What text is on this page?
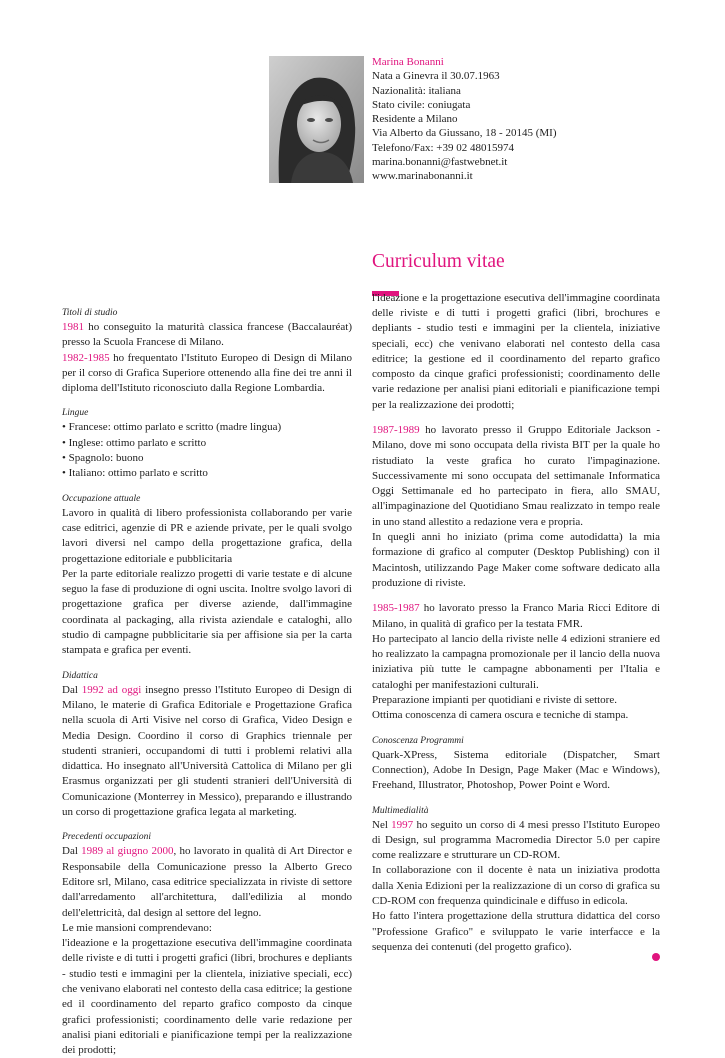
Marina Bonanni
Nata a Ginevra il 30.07.1963
Nazionalità: italiana
Stato civile: coniugata
Residente a Milano
Via Alberto da Giussano, 18 - 20145 (MI)
Telefono/Fax: +39 02 48015974
marina.bonanni@fastwebnet.it
www.marinabonanni.it
Curriculum vitae
Titoli di studio

1981 ho conseguito la maturità classica francese (Baccalauréat) presso la Scuola Francese di Milano.

1982-1985 ho frequentato l'Istituto Europeo di Design di Milano per il corso di Grafica Superiore ottenendo alla fine dei tre anni il diploma dell'Istituto riconosciuto dalla Regione Lombardia.

Lingue
• Francese: ottimo parlato e scritto (madre lingua)
• Inglese: ottimo parlato e scritto
• Spagnolo: buono
• Italiano: ottimo parlato e scritto
Occupazione attuale

Lavoro in qualità di libero professionista collaborando per varie case editrici, agenzie di PR e aziende private, per le quali svolgo lavori diversi nel campo della progettazione grafica, della progettazione editoriale e pubblicitaria

Per la parte editoriale realizzo progetti di varie testate e di alcune seguo la fase di produzione di ogni uscita. Inoltre svolgo lavori di progettazione grafica per diverse aziende, dall'immagine coordinata al packaging, alla rivista aziendale e cataloghi, allo studio di campagne pubblicitarie sia per affisione sia per la carta stampata e grafica per eventi.

Didattica

Dal 1992 ad oggi insegno presso l'Istituto Europeo di Design di Milano, le materie di Grafica Editoriale e Progettazione Grafica nella scuola di Arti Visive nel corso di Grafica, Video Design e Media Design. Coordino il corso di Graphics triennale per studenti stranieri, occupandomi di tutti i problemi relativi alla didattica. Ho insegnato all'Università Cattolica di Milano per gli Erasmus organizzati per gli studenti stranieri dell'Università di Comunicazione (Monterrey in Messico), preparando e illustrando un corso di progettazione grafica legata al marketing.

Precedenti occupazioni

Dal 1989 al giugno 2000, ho lavorato in qualità di Art Director e Responsabile della Comunicazione presso la Alberto Greco Editore srl, Milano, casa editrice specializzata in riviste di settore dall'arredamento all'architettura, dall'edilizia al mondo dell'elettricità, dal design al settore del legno.

Le mie mansioni comprendevano:

l'ideazione e la progettazione esecutiva dell'immagine coordinata delle riviste e di tutti i progetti grafici (libri, brochures e depliants - studio testi e immagini per la clientela, iniziative speciali, ecc) che venivano elaborati nel contesto della casa editrice; la gestione ed il coordinamento del reparto grafico composto da cinque grafici professionisti; coordinamento delle varie redazione per analisi piani editoriali e pianificazione tempi per la realizzazione dei prodotti;

l'ideazione e la progettazione esecutiva dell'immagine coordinata delle riviste e di tutti i progetti grafici (libri, brochures e depliants - studio testi e immagini per la clientela, iniziative speciali, ecc) che venivano elaborati nel contesto della casa editrice; la gestione ed il coordinamento del reparto grafico composto da cinque grafici professionisti; coordinamento delle varie redazione per analisi piani editoriali e pianificazione tempi per la realizzazione dei prodotti;

1987-1989 ho lavorato presso il Gruppo Editoriale Jackson - Milano, dove mi sono occupata della rivista BIT per la quale ho ristudiato la veste grafica ho curato l'impaginazione. Successivamente mi sono occupata del settimanale Informatica Oggi Settimanale ed ho partecipato in fiera, allo SMAU, all'impaginazione del Quotidiano Smau realizzato in tempo reale in uno stand allestito a redazione vera e propria.

In quegli anni ho iniziato (prima come autodidatta) la mia formazione di grafico al computer (Desktop Publishing) con il Macintosh, utilizzando Page Maker come software dedicato alla produzione di riviste.

1985-1987 ho lavorato presso la Franco Maria Ricci Editore di Milano, in qualità di grafico per la testata FMR.

Ho partecipato al lancio della riviste nelle 4 edizioni straniere ed ho realizzato la campagna promozionale per il lancio della nuova iniziativa più tutte le campagne abbonamenti per l'Italia e cataloghi per manifestazioni culturali.

Preparazione impianti per quotidiani e riviste di settore.

Ottima conoscenza di camera oscura e tecniche di stampa.

Conoscenza Programmi

Quark-XPress, Sistema editoriale (Dispatcher, Smart Connection), Adobe In Design, Page Maker (Mac e Windows), Freehand, Illustrator, Photoshop, Power Point e Word.

Multimedialità

Nel 1997 ho seguito un corso di 4 mesi presso l'Istituto Europeo di Design, sul programma Macromedia Director 5.0 per capire come realizzare e strutturare un CD-ROM.

In collaborazione con il docente è nata un iniziativa prodotta dalla Xenia Edizioni per la realizzazione di un corso di grafica su CD-ROM con frequenza quindicinale e diffuso in edicola.

Ho fatto l'intera progettazione della struttura didattica del corso "Professione Grafico" e sviluppato le varie interfacce e la sequenza dei contenuti (del progetto grafico).
